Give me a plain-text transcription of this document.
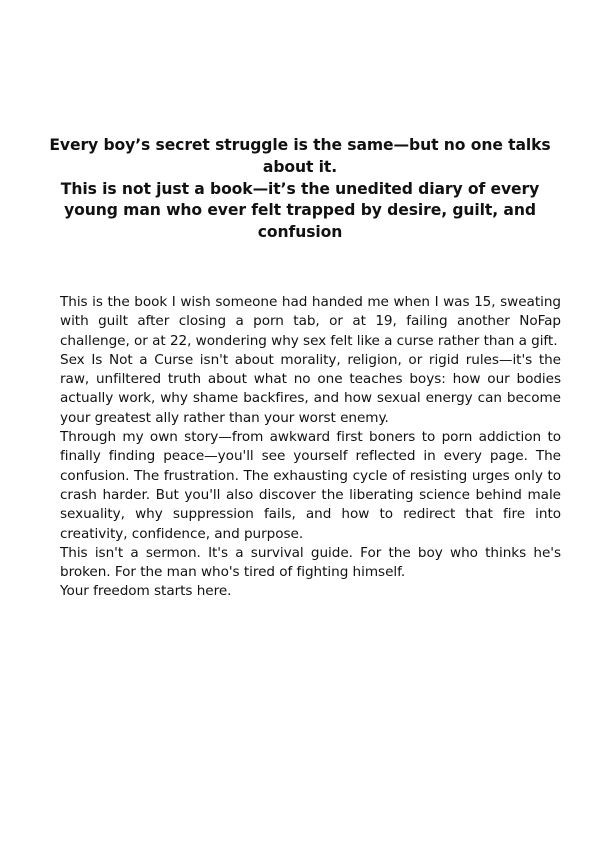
Every boy’s secret struggle is the same—but no one talks about it.

This is not just a book—it’s the unedited diary of every young man who ever felt trapped by desire, guilt, and confusion

This is the book I wish someone had handed me when I was 15, sweating with guilt after closing a porn tab, or at 19, failing another NoFap challenge, or at 22, wondering why sex felt like a curse rather than a gift.

Sex Is Not a Curse isn't about morality, religion, or rigid rules—it's the raw, unfiltered truth about what no one teaches boys: how our bodies actually work, why shame backfires, and how sexual energy can become your greatest ally rather than your worst enemy.

Through my own story—from awkward first boners to porn addiction to finally finding peace—you'll see yourself reflected in every page. The confusion. The frustration. The exhausting cycle of resisting urges only to crash harder. But you'll also discover the liberating science behind male sexuality, why suppression fails, and how to redirect that fire into creativity, confidence, and purpose.

This isn't a sermon. It's a survival guide. For the boy who thinks he's broken. For the man who's tired of fighting himself.

Your freedom starts here.
